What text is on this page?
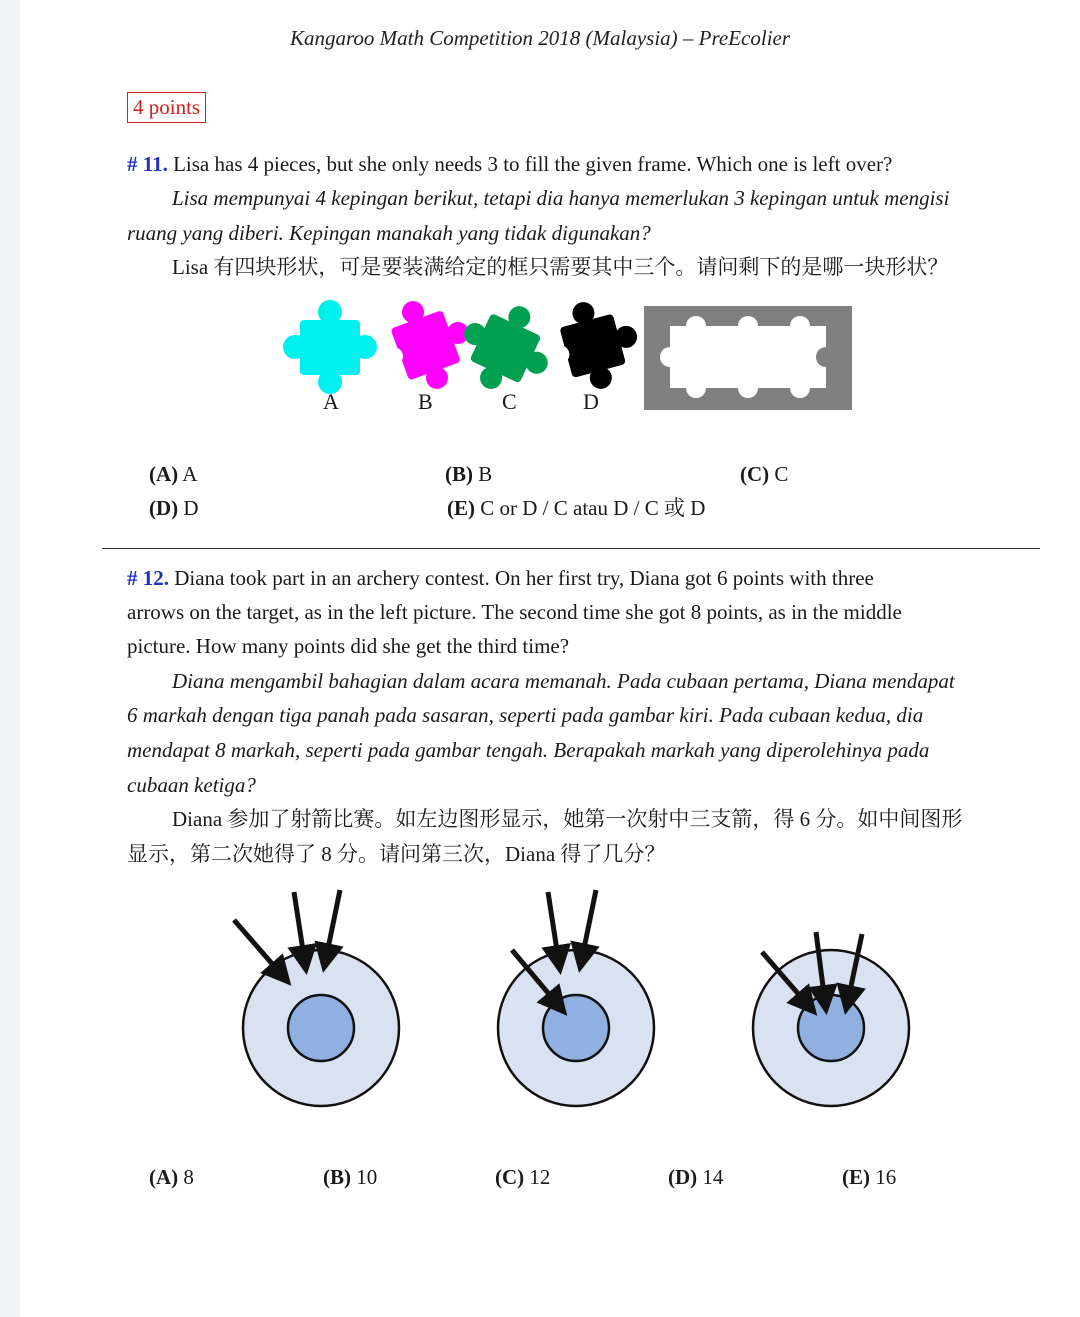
Kangaroo Math Competition 2018 (Malaysia) – PreEcolier
4 points
# 11. Lisa has 4 pieces, but she only needs 3 to fill the given frame. Which one is left over?
Lisa mempunyai 4 kepingan berikut, tetapi dia hanya memerlukan 3 kepingan untuk mengisi
ruang yang diberi. Kepingan manakah yang tidak digunakan?
Lisa 有四块形状，可是要装满给定的框只需要其中三个。请问剩下的是哪一块形状？
A	B	C	D
(A) A	(B) B	(C) C
(D) D	(E) C or D / C atau D / C 或 D
# 12. Diana took part in an archery contest. On her first try, Diana got 6 points with three
arrows on the target, as in the left picture. The second time she got 8 points, as in the middle
picture. How many points did she get the third time?
Diana mengambil bahagian dalam acara memanah. Pada cubaan pertama, Diana mendapat
6 markah dengan tiga panah pada sasaran, seperti pada gambar kiri. Pada cubaan kedua, dia
mendapat 8 markah, seperti pada gambar tengah. Berapakah markah yang diperolehinya pada
cubaan ketiga?
Diana 参加了射箭比赛。如左边图形显示，她第一次射中三支箭，得 6 分。如中间图形
显示，第二次她得了 8 分。请问第三次，Diana 得了几分？
(A) 8	(B) 10	(C) 12	(D) 14	(E) 16
